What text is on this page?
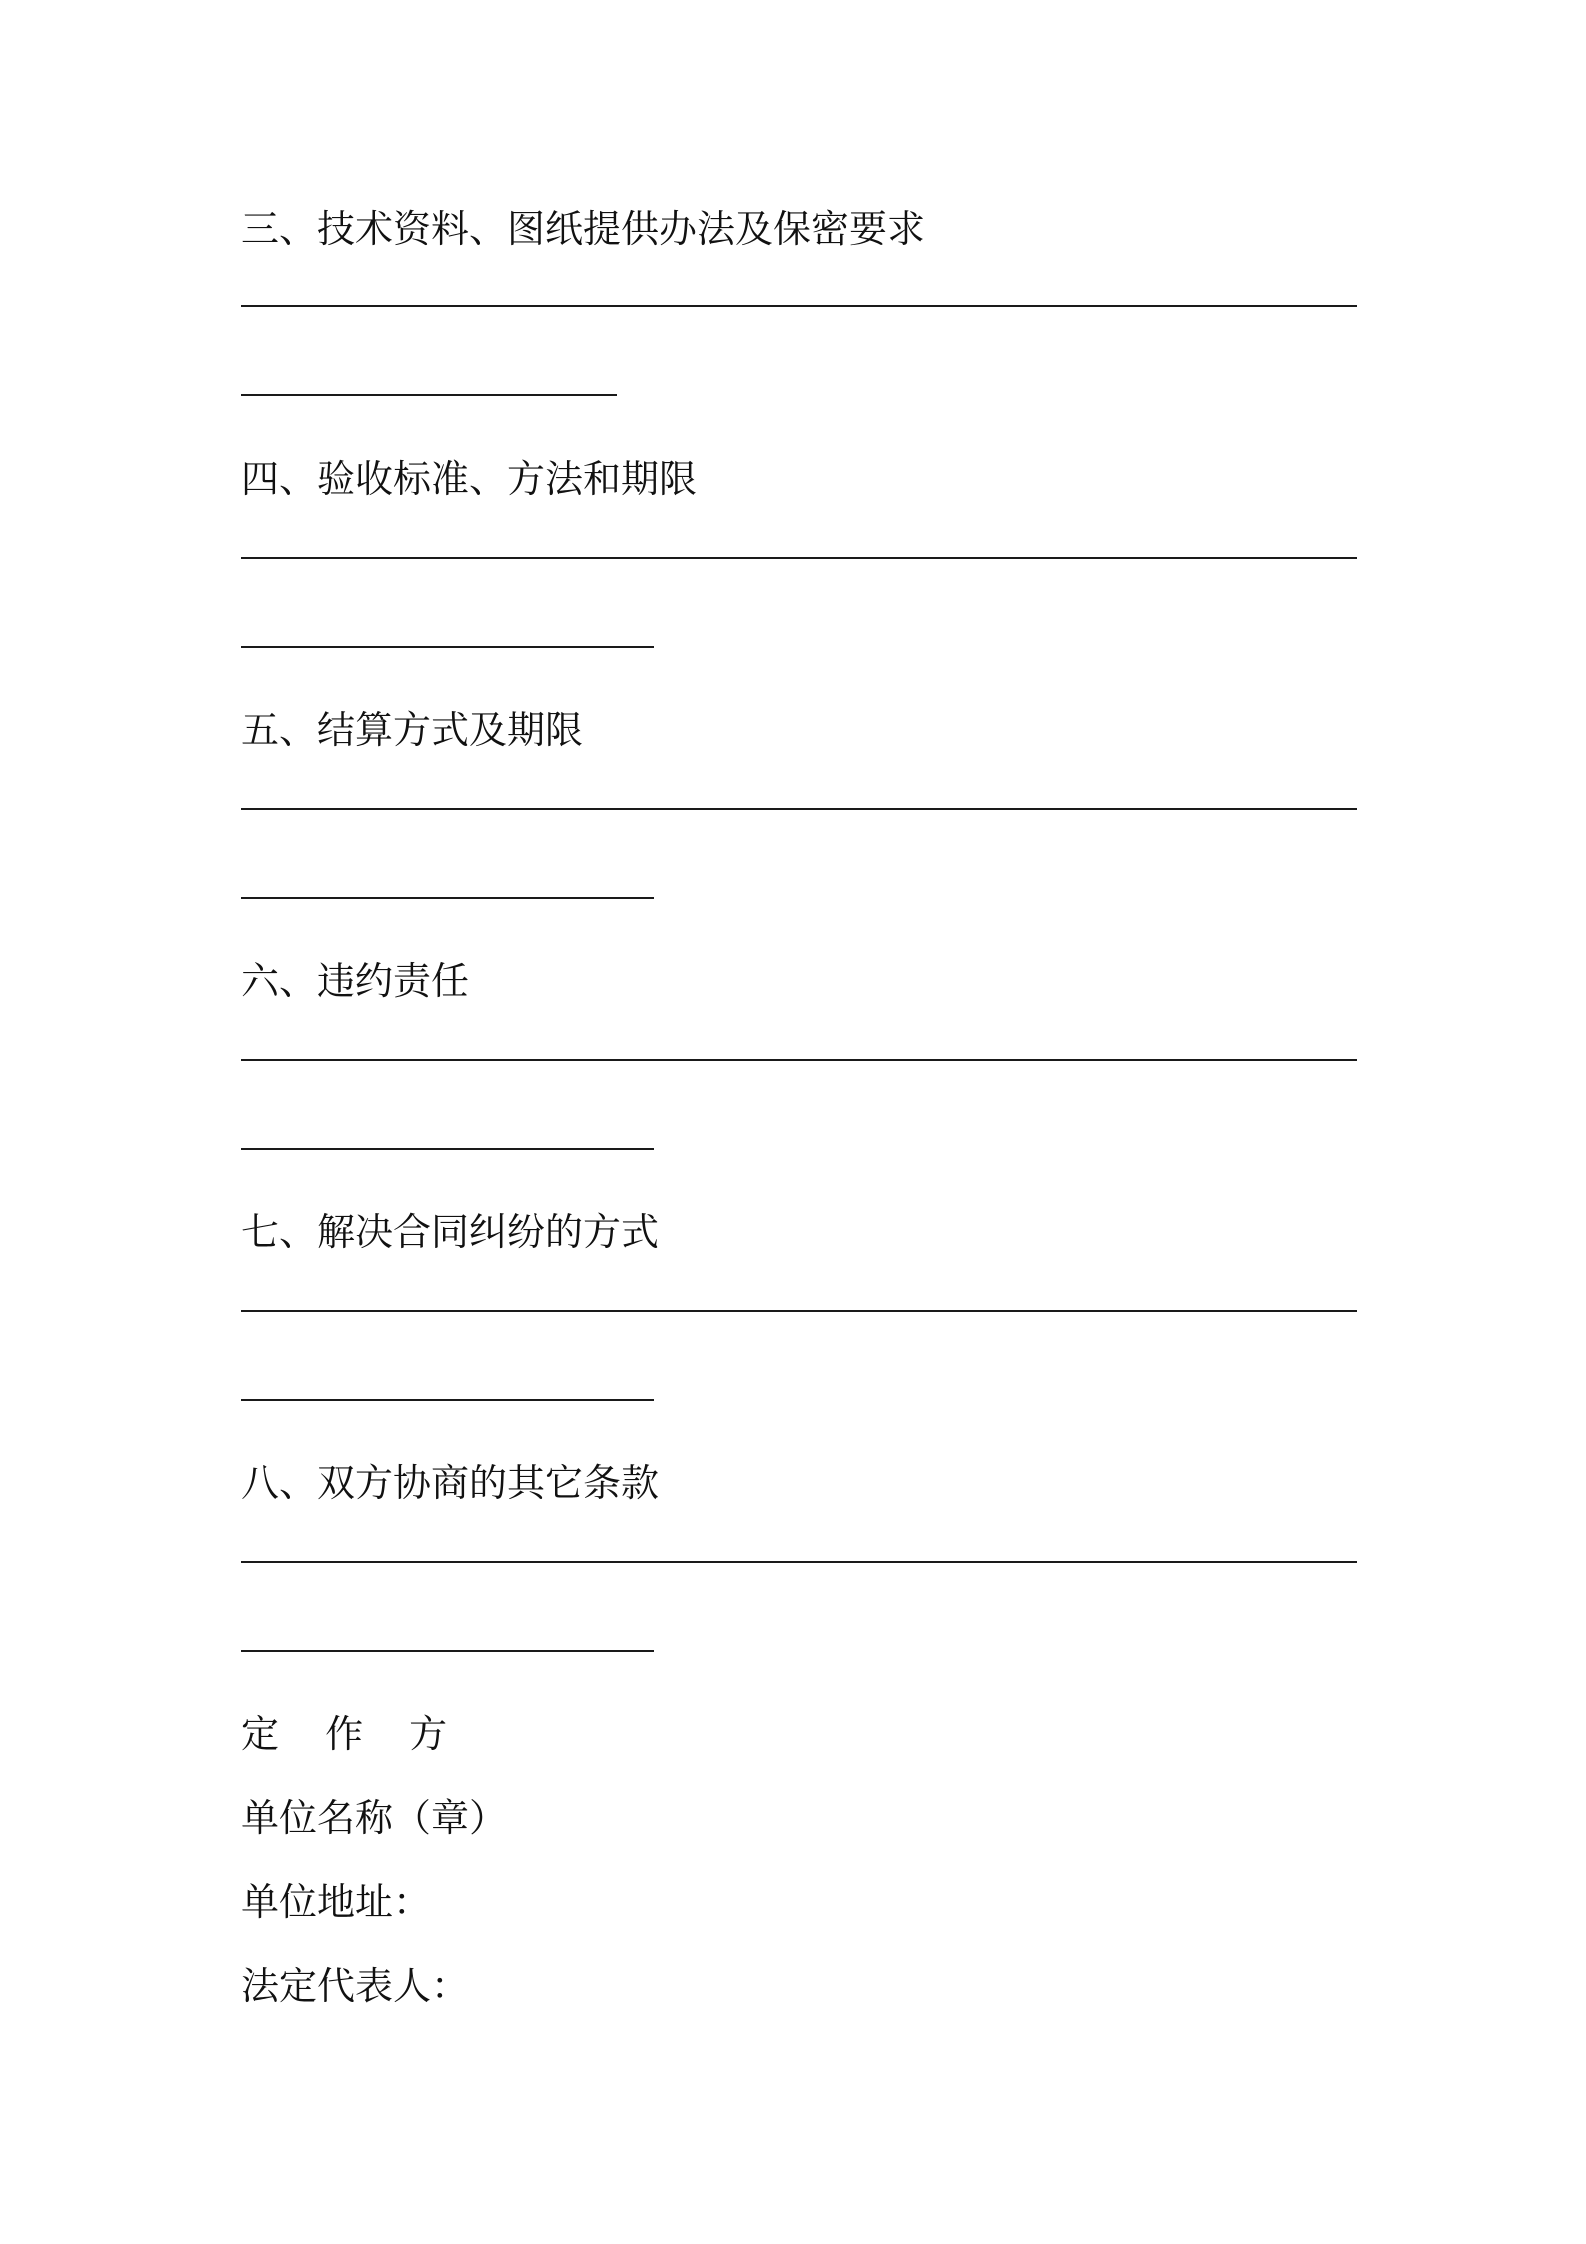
三、技术资料、图纸提供办法及保密要求
四、验收标准、方法和期限
五、结算方式及期限
六、违约责任
七、解决合同纠纷的方式
八、双方协商的其它条款
定 作 方
单位名称（章）
单位地址：
法定代表人：
